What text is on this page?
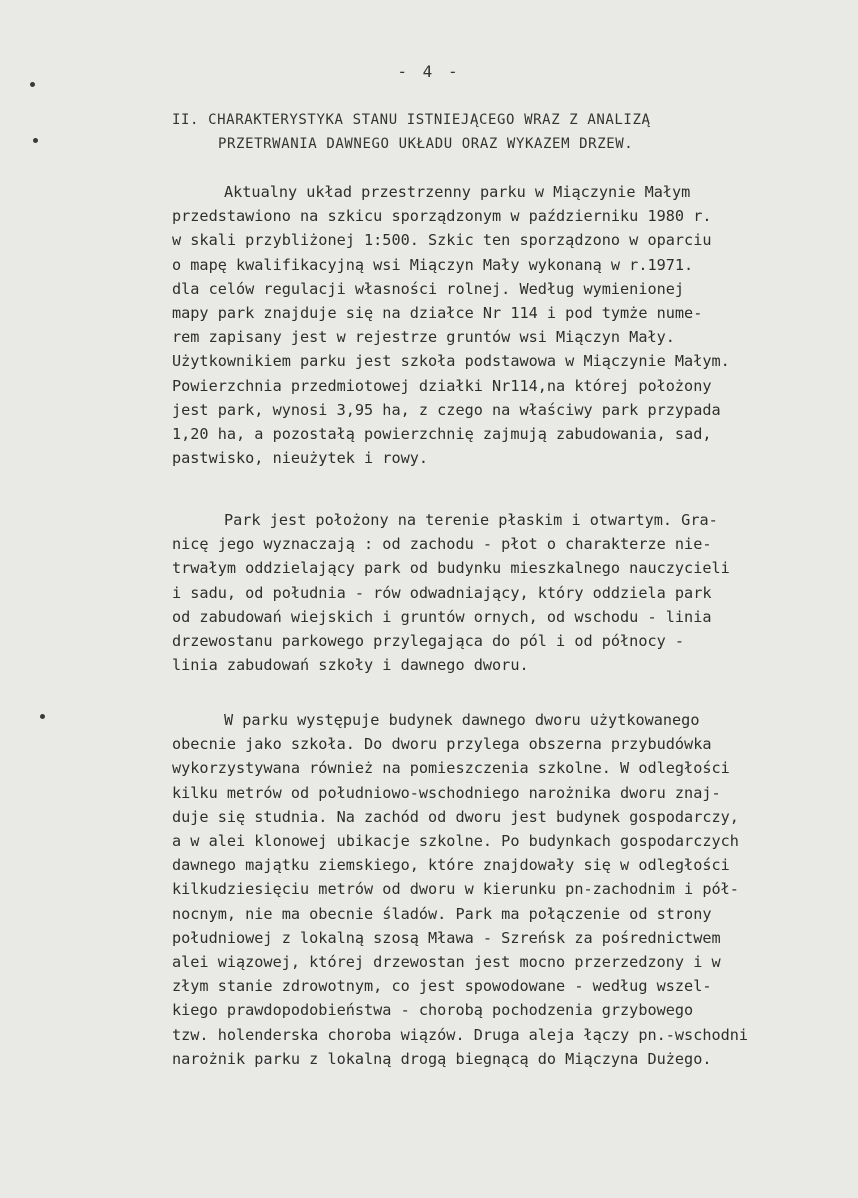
- 4 -
II. CHARAKTERYSTYKA STANU ISTNIEJĄCEGO WRAZ Z ANALIZĄ
PRZETRWANIA DAWNEGO UKŁADU ORAZ WYKAZEM DRZEW.
Aktualny układ przestrzenny parku w Miączynie Małym
przedstawiono na szkicu sporządzonym w październiku 1980 r.
w skali przybliżonej 1:500. Szkic ten sporządzono w oparciu
o mapę kwalifikacyjną wsi Miączyn Mały wykonaną w r.1971.
dla celów regulacji własności rolnej. Według wymienionej
mapy park znajduje się na działce Nr 114 i pod tymże nume-
rem zapisany jest w rejestrze gruntów wsi Miączyn Mały.
Użytkownikiem parku jest szkoła podstawowa w Miączynie Małym.
Powierzchnia przedmiotowej działki Nr114,na której położony
jest park, wynosi 3,95 ha, z czego na właściwy park przypada
1,20 ha, a pozostałą powierzchnię zajmują zabudowania, sad,
pastwisko, nieużytek i rowy.
Park jest położony na terenie płaskim i otwartym. Gra-
nicę jego wyznaczają : od zachodu - płot o charakterze nie-
trwałym oddzielający park od budynku mieszkalnego nauczycieli
i sadu, od południa - rów odwadniający, który oddziela park
od zabudowań wiejskich i gruntów ornych, od wschodu - linia
drzewostanu parkowego przylegająca do pól i od północy -
linia zabudowań szkoły i dawnego dworu.
W parku występuje budynek dawnego dworu użytkowanego
obecnie jako szkoła. Do dworu przylega obszerna przybudówka
wykorzystywana również na pomieszczenia szkolne. W odległości
kilku metrów od południowo-wschodniego narożnika dworu znaj-
duje się studnia. Na zachód od dworu jest budynek gospodarczy,
a w alei klonowej ubikacje szkolne. Po budynkach gospodarczych
dawnego majątku ziemskiego, które znajdowały się w odległości
kilkudziesięciu metrów od dworu w kierunku pn-zachodnim i pół-
nocnym, nie ma obecnie śladów. Park ma połączenie od strony
południowej z lokalną szosą Mława - Szreńsk za pośrednictwem
alei wiązowej, której drzewostan jest mocno przerzedzony i w
złym stanie zdrowotnym, co jest spowodowane - według wszel-
kiego prawdopodobieństwa - chorobą pochodzenia grzybowego
tzw. holenderska choroba wiązów. Druga aleja łączy pn.-wschodni
narożnik parku z lokalną drogą biegnącą do Miączyna Dużego.
